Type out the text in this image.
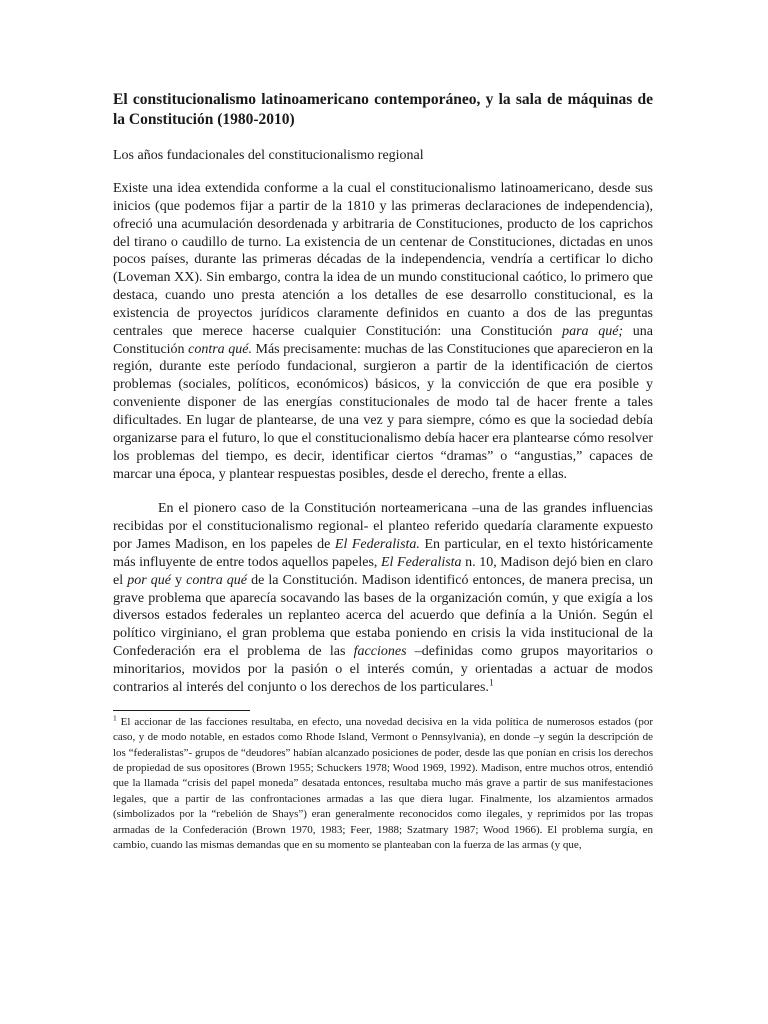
El constitucionalismo latinoamericano contemporáneo, y la sala de máquinas de la Constitución (1980-2010)

Los años fundacionales del constitucionalismo regional

Existe una idea extendida conforme a la cual el constitucionalismo latinoamericano, desde sus inicios (que podemos fijar a partir de la 1810 y las primeras declaraciones de independencia), ofreció una acumulación desordenada y arbitraria de Constituciones, producto de los caprichos del tirano o caudillo de turno. La existencia de un centenar de Constituciones, dictadas en unos pocos países, durante las primeras décadas de la independencia, vendría a certificar lo dicho (Loveman XX). Sin embargo, contra la idea de un mundo constitucional caótico, lo primero que destaca, cuando uno presta atención a los detalles de ese desarrollo constitucional, es la existencia de proyectos jurídicos claramente definidos en cuanto a dos de las preguntas centrales que merece hacerse cualquier Constitución: una Constitución para qué; una Constitución contra qué. Más precisamente: muchas de las Constituciones que aparecieron en la región, durante este período fundacional, surgieron a partir de la identificación de ciertos problemas (sociales, políticos, económicos) básicos, y la convicción de que era posible y conveniente disponer de las energías constitucionales de modo tal de hacer frente a tales dificultades. En lugar de plantearse, de una vez y para siempre, cómo es que la sociedad debía organizarse para el futuro, lo que el constitucionalismo debía hacer era plantearse cómo resolver los problemas del tiempo, es decir, identificar ciertos “dramas” o “angustias,” capaces de marcar una época, y plantear respuestas posibles, desde el derecho, frente a ellas.

En el pionero caso de la Constitución norteamericana –una de las grandes influencias recibidas por el constitucionalismo regional- el planteo referido quedaría claramente expuesto por James Madison, en los papeles de El Federalista. En particular, en el texto históricamente más influyente de entre todos aquellos papeles, El Federalista n. 10, Madison dejó bien en claro el por qué y contra qué de la Constitución. Madison identificó entonces, de manera precisa, un grave problema que aparecía socavando las bases de la organización común, y que exigía a los diversos estados federales un replanteo acerca del acuerdo que definía a la Unión. Según el político virginiano, el gran problema que estaba poniendo en crisis la vida institucional de la Confederación era el problema de las facciones –definidas como grupos mayoritarios o minoritarios, movidos por la pasión o el interés común, y orientadas a actuar de modos contrarios al interés del conjunto o los derechos de los particulares.$^1$

$^1$ El accionar de las facciones resultaba, en efecto, una novedad decisiva en la vida política de numerosos estados (por caso, y de modo notable, en estados como Rhode Island, Vermont o Pennsylvania), en donde –y según la descripción de los “federalistas”- grupos de “deudores” habían alcanzado posiciones de poder, desde las que ponían en crisis los derechos de propiedad de sus opositores (Brown 1955; Schuckers 1978; Wood 1969, 1992). Madison, entre muchos otros, entendió que la llamada “crisis del papel moneda” desatada entonces, resultaba mucho más grave a partir de sus manifestaciones legales, que a partir de las confrontaciones armadas a las que diera lugar. Finalmente, los alzamientos armados (simbolizados por la “rebelión de Shays”) eran generalmente reconocidos como ilegales, y reprimidos por las tropas armadas de la Confederación (Brown 1970, 1983; Feer, 1988; Szatmary 1987; Wood 1966). El problema surgía, en cambio, cuando las mismas demandas que en su momento se planteaban con la fuerza de las armas (y que,
